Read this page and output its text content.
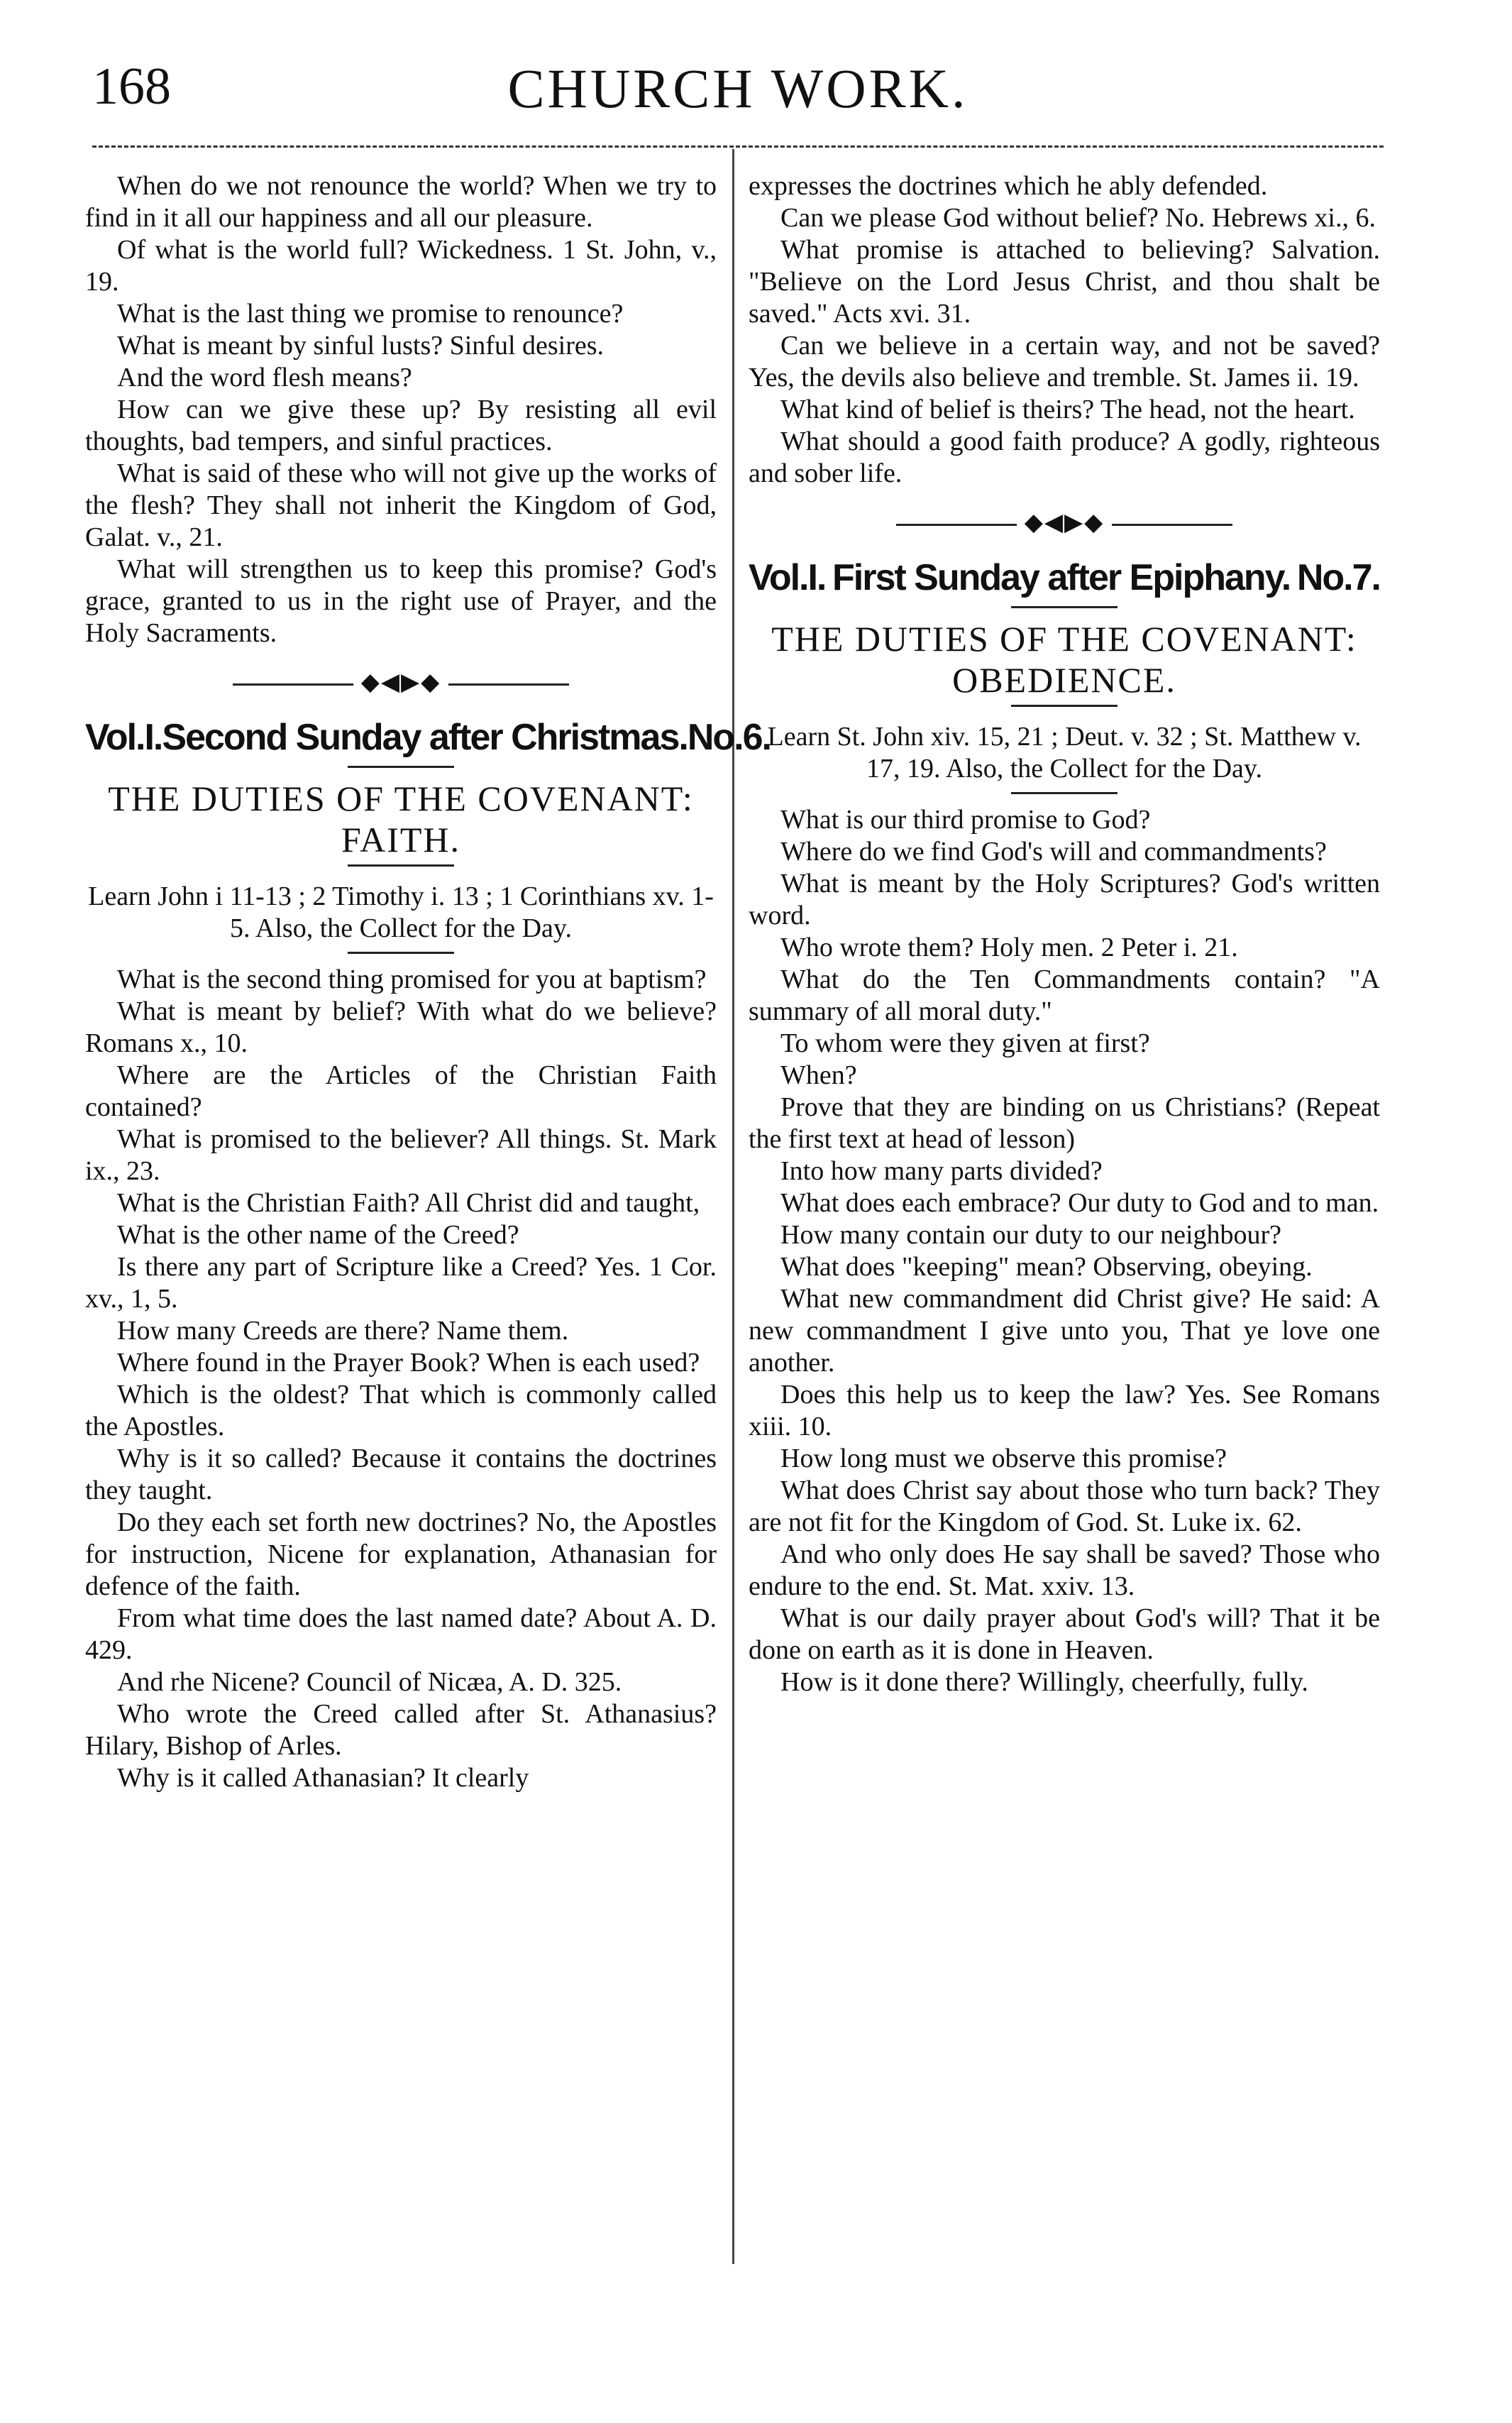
CHURCH WORK.
168

When do we not renounce the world? When we try to find in it all our happiness and all our pleasure.

Of what is the world full? Wickedness. 1 St. John, v., 19.

What is the last thing we promise to renounce?

What is meant by sinful lusts? Sinful desires.

And the word flesh means?

How can we give these up? By resisting all evil thoughts, bad tempers, and sinful practices.

What is said of these who will not give up the works of the flesh? They shall not inherit the Kingdom of God, Galat. v., 21.

What will strengthen us to keep this promise? God's grace, granted to us in the right use of Prayer, and the Holy Sacraments.

◆◀▶◆
Vol.I. Second Sunday after Christmas. No.6.

THE DUTIES OF THE COVENANT: FAITH.

Learn John i 11-13 ; 2 Timothy i. 13 ; 1 Corinthians xv. 1-5. Also, the Collect for the Day.

What is the second thing promised for you at baptism?

What is meant by belief? With what do we believe? Romans x., 10.

Where are the Articles of the Christian Faith contained?

What is promised to the believer? All things. St. Mark ix., 23.

What is the Christian Faith? All Christ did and taught,

What is the other name of the Creed?

Is there any part of Scripture like a Creed? Yes. 1 Cor. xv., 1, 5.

How many Creeds are there? Name them.

Where found in the Prayer Book? When is each used?

Which is the oldest? That which is commonly called the Apostles.

Why is it so called? Because it contains the doctrines they taught.

Do they each set forth new doctrines? No, the Apostles for instruction, Nicene for explanation, Athanasian for defence of the faith.

From what time does the last named date? About A. D. 429.

And rhe Nicene? Council of Nicæa, A. D. 325.

Who wrote the Creed called after St. Athanasius? Hilary, Bishop of Arles.

Why is it called Athanasian? It clearly

expresses the doctrines which he ably defended.

Can we please God without belief? No. Hebrews xi., 6.

What promise is attached to believing? Salvation. "Believe on the Lord Jesus Christ, and thou shalt be saved." Acts xvi. 31.

Can we believe in a certain way, and not be saved? Yes, the devils also believe and tremble. St. James ii. 19.

What kind of belief is theirs? The head, not the heart.

What should a good faith produce? A godly, righteous and sober life.

◆◀▶◆
Vol.I. First Sunday after Epiphany. No.7.

THE DUTIES OF THE COVENANT: OBEDIENCE.

Learn St. John xiv. 15, 21 ; Deut. v. 32 ; St. Matthew v. 17, 19. Also, the Collect for the Day.

What is our third promise to God?

Where do we find God's will and commandments?

What is meant by the Holy Scriptures? God's written word.

Who wrote them? Holy men. 2 Peter i. 21.

What do the Ten Commandments contain? "A summary of all moral duty."

To whom were they given at first?

When?

Prove that they are binding on us Christians? (Repeat the first text at head of lesson)

Into how many parts divided?

What does each embrace? Our duty to God and to man.

How many contain our duty to our neighbour?

What does "keeping" mean? Observing, obeying.

What new commandment did Christ give? He said: A new commandment I give unto you, That ye love one another.

Does this help us to keep the law? Yes. See Romans xiii. 10.

How long must we observe this promise?

What does Christ say about those who turn back? They are not fit for the Kingdom of God. St. Luke ix. 62.

And who only does He say shall be saved? Those who endure to the end. St. Mat. xxiv. 13.

What is our daily prayer about God's will? That it be done on earth as it is done in Heaven.

How is it done there? Willingly, cheerfully, fully.
